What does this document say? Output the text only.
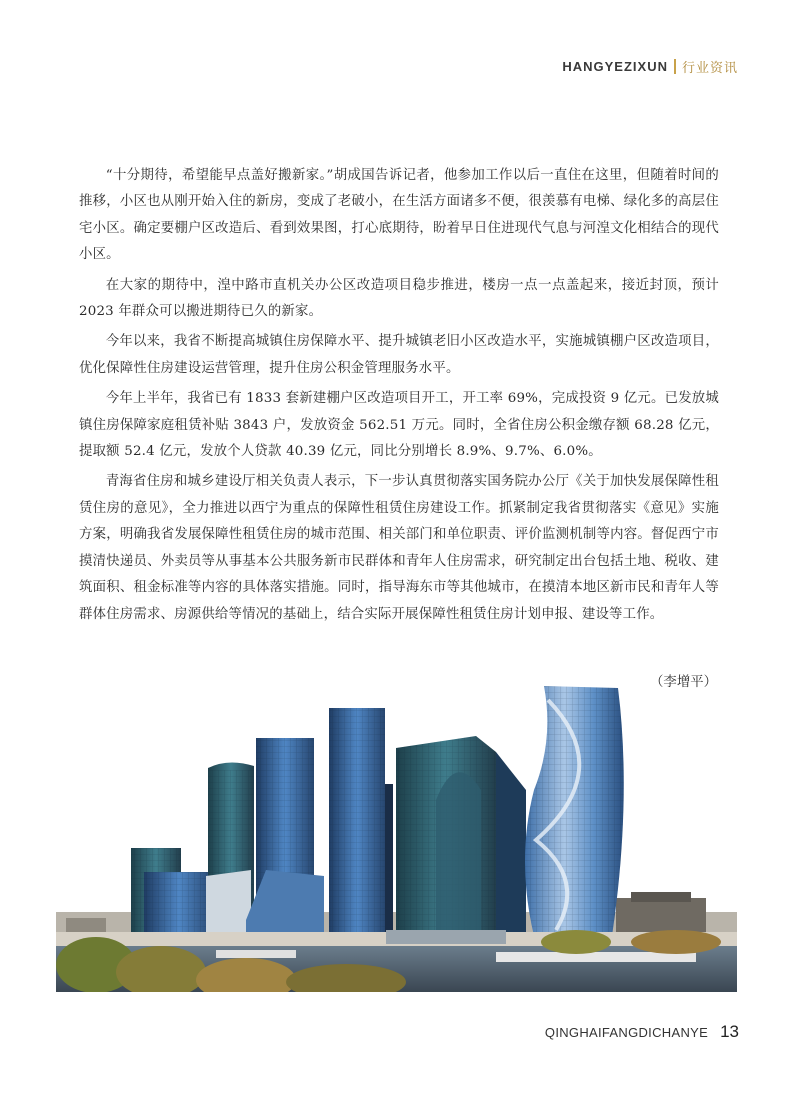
HANGYEZIXUN 行业资讯

“十分期待，希望能早点盖好搬新家。”胡成国告诉记者，他参加工作以后一直住在这里，但随着时间的推移，小区也从刚开始入住的新房，变成了老破小，在生活方面诸多不便，很羡慕有电梯、绿化多的高层住宅小区。确定要棚户区改造后、看到效果图，打心底期待，盼着早日住进现代气息与河湟文化相结合的现代小区。

在大家的期待中，湟中路市直机关办公区改造项目稳步推进，楼房一点一点盖起来，接近封顶，预计 2023 年群众可以搬进期待已久的新家。

今年以来，我省不断提高城镇住房保障水平、提升城镇老旧小区改造水平，实施城镇棚户区改造项目，优化保障性住房建设运营管理，提升住房公积金管理服务水平。

今年上半年，我省已有 1833 套新建棚户区改造项目开工，开工率 69%，完成投资 9 亿元。已发放城镇住房保障家庭租赁补贴 3843 户，发放资金 562.51 万元。同时，全省住房公积金缴存额 68.28 亿元，提取额 52.4 亿元，发放个人贷款 40.39 亿元，同比分别增长 8.9%、9.7%、6.0%。

青海省住房和城乡建设厅相关负责人表示，下一步认真贯彻落实国务院办公厅《关于加快发展保障性租赁住房的意见》，全力推进以西宁为重点的保障性租赁住房建设工作。抓紧制定我省贯彻落实《意见》实施方案，明确我省发展保障性租赁住房的城市范围、相关部门和单位职责、评价监测机制等内容。督促西宁市摸清快递员、外卖员等从事基本公共服务新市民群体和青年人住房需求，研究制定出台包括土地、税收、建筑面积、租金标准等内容的具体落实措施。同时，指导海东市等其他城市，在摸清本地区新市民和青年人等群体住房需求、房源供给等情况的基础上，结合实际开展保障性租赁住房计划申报、建设等工作。

（李增平）
QINGHAIFANGDICHANYE 13
